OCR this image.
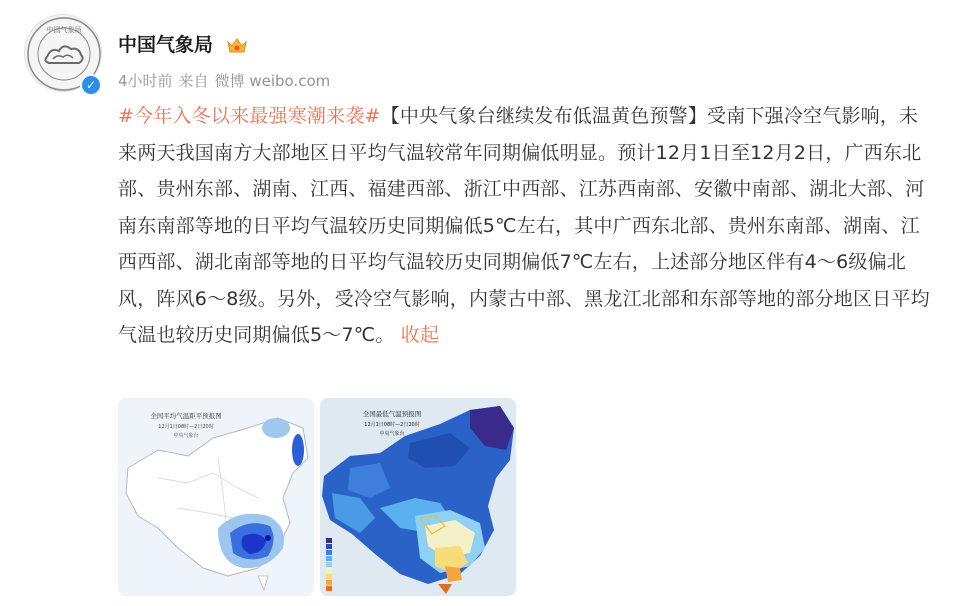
中国气象局
✓
中国气象局
4小时前 来自 微博 weibo.com
#今年入冬以来最强寒潮来袭#【中央气象台继续发布低温黄色预警】受南下强冷空气影响，未来两天我国南方大部地区日平均气温较常年同期偏低明显。预计12月1日至12月2日，广西东北部、贵州东部、湖南、江西、福建西部、浙江中西部、江苏西南部、安徽中南部、湖北大部、河南东南部等地的日平均气温较历史同期偏低5℃左右，其中广西东北部、贵州东南部、湖南、江西西部、湖北南部等地的日平均气温较历史同期偏低7℃左右，上述部分地区伴有4～6级偏北风，阵风6～8级。另外，受冷空气影响，内蒙古中部、黑龙江北部和东部等地的部分地区日平均气温也较历史同期偏低5～7℃。 收起
全国平均气温距平预报图
12月1日08时—2日20时
中央气象台
全国最低气温预报图
12月1日08时—2日20时
中央气象台
